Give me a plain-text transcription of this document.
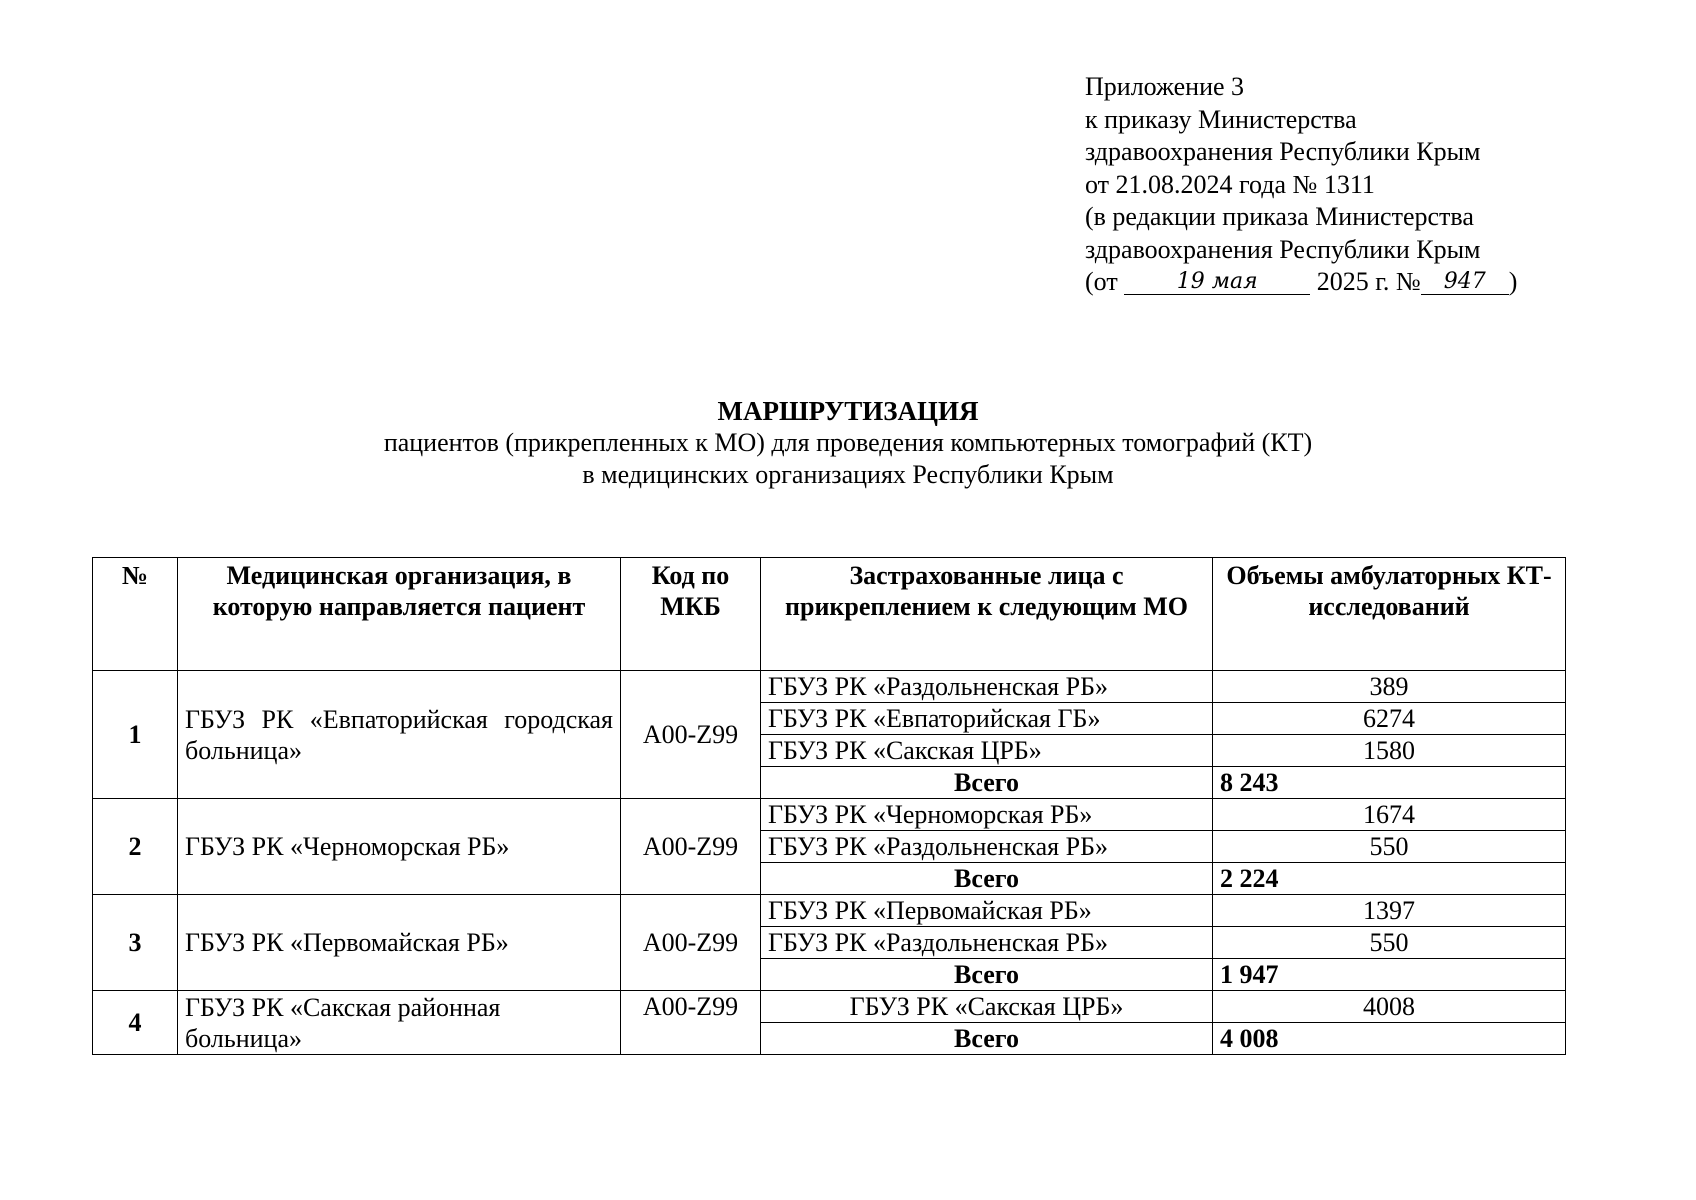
Приложение 3
к приказу Министерства
здравоохранения Республики Крым
от 21.08.2024 года № 1311
(в редакции приказа Министерства
здравоохранения Республики Крым
(от	19 мая 2025 г. № 947 )
МАРШРУТИЗАЦИЯ
пациентов (прикрепленных к МО) для проведения компьютерных томографий (КТ)
в медицинских организациях Республики Крым
№	Медицинская организация, в которую направляется пациент	Код по МКБ	Застрахованные лица с прикреплением к следующим МО	Объемы амбулаторных КТ-исследований
1	ГБУЗ РК «Евпаторийская городская больница»	A00-Z99	ГБУЗ РК «Раздольненская РБ»	389
			ГБУЗ РК «Евпаторийская ГБ»	6274
			ГБУЗ РК «Сакская ЦРБ»	1580
			Всего	8 243
2	ГБУЗ РК «Черноморская РБ»	A00-Z99	ГБУЗ РК «Черноморская РБ»	1674
			ГБУЗ РК «Раздольненская РБ»	550
			Всего	2 224
3	ГБУЗ РК «Первомайская РБ»	A00-Z99	ГБУЗ РК «Первомайская РБ»	1397
			ГБУЗ РК «Раздольненская РБ»	550
			Всего	1 947
4	ГБУЗ РК «Сакская районная больница»	A00-Z99	ГБУЗ РК «Сакская ЦРБ»	4008
			Всего	4 008
